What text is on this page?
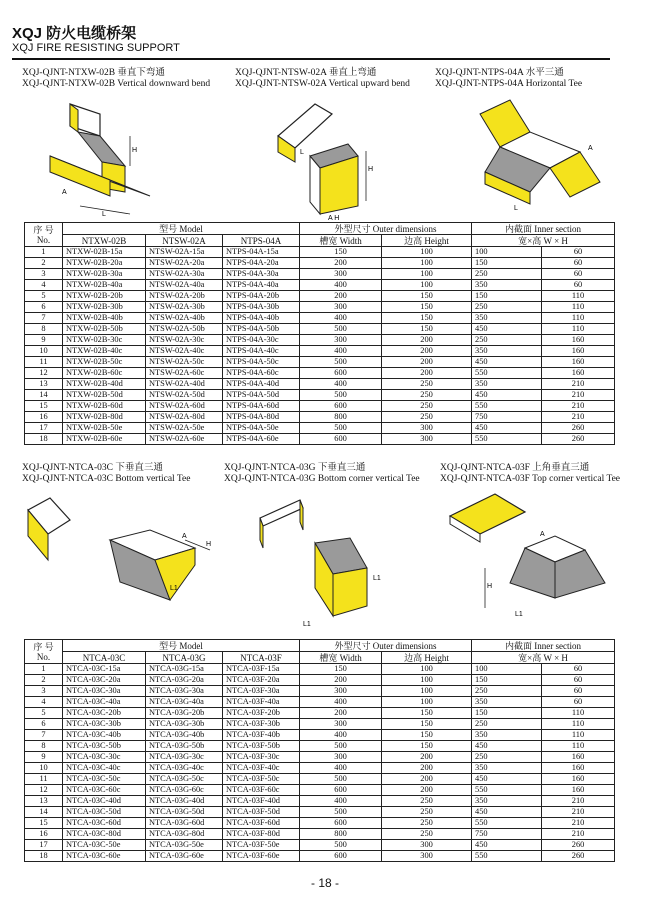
XQJ 防火电缆桥架
XQJ FIRE RESISTING SUPPORT
XQJ-QJNT-NTXW-02B 垂直下弯通
XQJ-QJNT-NTXW-02B Vertical downward bend
XQJ-QJNT-NTSW-02A 垂直上弯通
XQJ-QJNT-NTSW-02A Vertical upward bend
XQJ-QJNT-NTPS-04A 水平三通
XQJ-QJNT-NTPS-04A Horizontal Tee
H
A
L
H
L
A H
L
A
序 号
No.	型号 Model			外型尺寸 Outer dimensions		内截面 Inner section	
	NTXW-02B	NTSW-02A	NTPS-04A	槽宽 Width	边高 Height	宽×高 W × H	
1	NTXW-02B-15a	NTSW-02A-15a	NTPS-04A-15a	150	100	100	60
2	NTXW-02B-20a	NTSW-02A-20a	NTPS-04A-20a	200	100	150	60
3	NTXW-02B-30a	NTSW-02A-30a	NTPS-04A-30a	300	100	250	60
4	NTXW-02B-40a	NTSW-02A-40a	NTPS-04A-40a	400	100	350	60
5	NTXW-02B-20b	NTSW-02A-20b	NTPS-04A-20b	200	150	150	110
6	NTXW-02B-30b	NTSW-02A-30b	NTPS-04A-30b	300	150	250	110
7	NTXW-02B-40b	NTSW-02A-40b	NTPS-04A-40b	400	150	350	110
8	NTXW-02B-50b	NTSW-02A-50b	NTPS-04A-50b	500	150	450	110
9	NTXW-02B-30c	NTSW-02A-30c	NTPS-04A-30c	300	200	250	160
10	NTXW-02B-40c	NTSW-02A-40c	NTPS-04A-40c	400	200	350	160
11	NTXW-02B-50c	NTSW-02A-50c	NTPS-04A-50c	500	200	450	160
12	NTXW-02B-60c	NTSW-02A-60c	NTPS-04A-60c	600	200	550	160
13	NTXW-02B-40d	NTSW-02A-40d	NTPS-04A-40d	400	250	350	210
14	NTXW-02B-50d	NTSW-02A-50d	NTPS-04A-50d	500	250	450	210
15	NTXW-02B-60d	NTSW-02A-60d	NTPS-04A-60d	600	250	550	210
16	NTXW-02B-80d	NTSW-02A-80d	NTPS-04A-80d	800	250	750	210
17	NTXW-02B-50e	NTSW-02A-50e	NTPS-04A-50e	500	300	450	260
18	NTXW-02B-60e	NTSW-02A-60e	NTPS-04A-60e	600	300	550	260
XQJ-QJNT-NTCA-03C 下垂直三通
XQJ-QJNT-NTCA-03C Bottom vertical Tee
XQJ-QJNT-NTCA-03G 下垂直三通
XQJ-QJNT-NTCA-03G Bottom corner vertical Tee
XQJ-QJNT-NTCA-03F 上角垂直三通
XQJ-QJNT-NTCA-03F Top corner vertical Tee
A
H
L1
L1
L1
A
H
L1
序 号
No.	型号 Model			外型尺寸 Outer dimensions		内截面 Inner section	
	NTCA-03C	NTCA-03G	NTCA-03F	槽宽 Width	边高 Height	宽×高 W × H	
1	NTCA-03C-15a	NTCA-03G-15a	NTCA-03F-15a	150	100	100	60
2	NTCA-03C-20a	NTCA-03G-20a	NTCA-03F-20a	200	100	150	60
3	NTCA-03C-30a	NTCA-03G-30a	NTCA-03F-30a	300	100	250	60
4	NTCA-03C-40a	NTCA-03G-40a	NTCA-03F-40a	400	100	350	60
5	NTCA-03C-20b	NTCA-03G-20b	NTCA-03F-20b	200	150	150	110
6	NTCA-03C-30b	NTCA-03G-30b	NTCA-03F-30b	300	150	250	110
7	NTCA-03C-40b	NTCA-03G-40b	NTCA-03F-40b	400	150	350	110
8	NTCA-03C-50b	NTCA-03G-50b	NTCA-03F-50b	500	150	450	110
9	NTCA-03C-30c	NTCA-03G-30c	NTCA-03F-30c	300	200	250	160
10	NTCA-03C-40c	NTCA-03G-40c	NTCA-03F-40c	400	200	350	160
11	NTCA-03C-50c	NTCA-03G-50c	NTCA-03F-50c	500	200	450	160
12	NTCA-03C-60c	NTCA-03G-60c	NTCA-03F-60c	600	200	550	160
13	NTCA-03C-40d	NTCA-03G-40d	NTCA-03F-40d	400	250	350	210
14	NTCA-03C-50d	NTCA-03G-50d	NTCA-03F-50d	500	250	450	210
15	NTCA-03C-60d	NTCA-03G-60d	NTCA-03F-60d	600	250	550	210
16	NTCA-03C-80d	NTCA-03G-80d	NTCA-03F-80d	800	250	750	210
17	NTCA-03C-50e	NTCA-03G-50e	NTCA-03F-50e	500	300	450	260
18	NTCA-03C-60e	NTCA-03G-60e	NTCA-03F-60e	600	300	550	260
- 18 -
